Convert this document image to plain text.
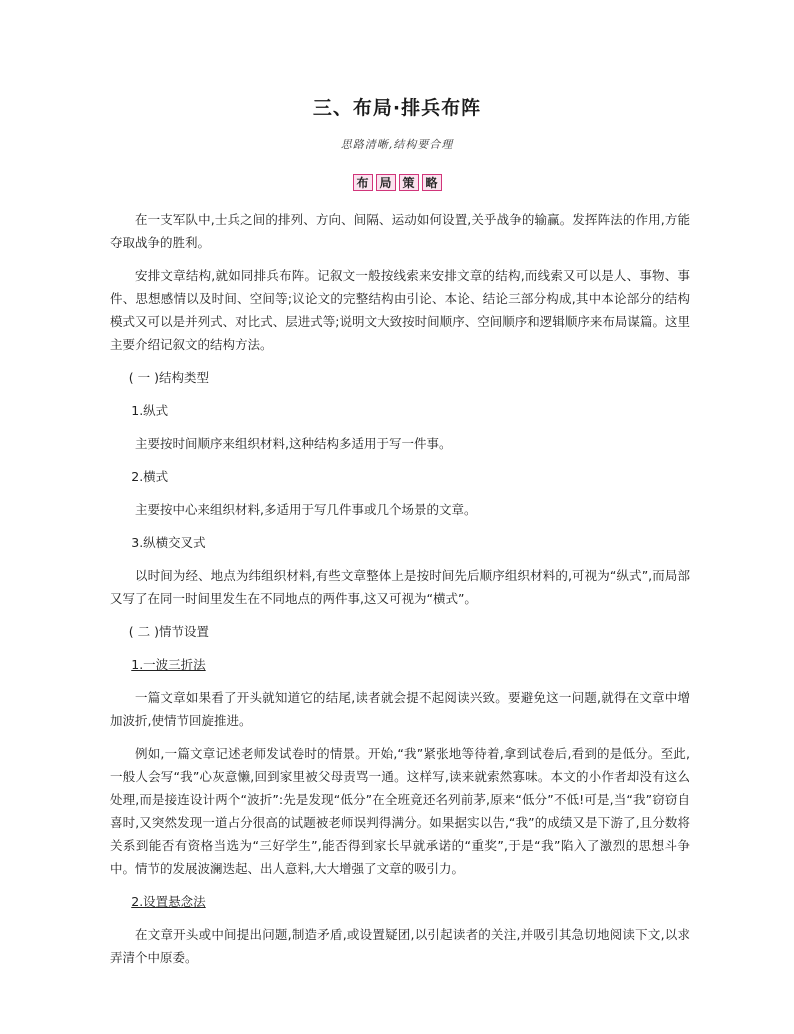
三、布局·排兵布阵
思路清晰,结构要合理
布 局 策 略

在一支军队中,士兵之间的排列、方向、间隔、运动如何设置,关乎战争的输赢。发挥阵法的作用,方能夺取战争的胜利。

安排文章结构,就如同排兵布阵。记叙文一般按线索来安排文章的结构,而线索又可以是人、事物、事件、思想感情以及时间、空间等;议论文的完整结构由引论、本论、结论三部分构成,其中本论部分的结构模式又可以是并列式、对比式、层进式等;说明文大致按时间顺序、空间顺序和逻辑顺序来布局谋篇。这里主要介绍记叙文的结构方法。

( 一 )结构类型
1.纵式

主要按时间顺序来组织材料,这种结构多适用于写一件事。

2.横式

主要按中心来组织材料,多适用于写几件事或几个场景的文章。

3.纵横交叉式

以时间为经、地点为纬组织材料,有些文章整体上是按时间先后顺序组织材料的,可视为“纵式”,而局部又写了在同一时间里发生在不同地点的两件事,这又可视为“横式”。

( 二 )情节设置
1.一波三折法

一篇文章如果看了开头就知道它的结尾,读者就会提不起阅读兴致。要避免这一问题,就得在文章中增加波折,使情节回旋推进。

例如,一篇文章记述老师发试卷时的情景。开始,“我”紧张地等待着,拿到试卷后,看到的是低分。至此,一般人会写“我”心灰意懒,回到家里被父母责骂一通。这样写,读来就索然寡味。本文的小作者却没有这么处理,而是接连设计两个“波折”:先是发现“低分”在全班竟还名列前茅,原来“低分”不低!可是,当“我”窃窃自喜时,又突然发现一道占分很高的试题被老师误判得满分。如果据实以告,“我”的成绩又是下游了,且分数将关系到能否有资格当选为“三好学生”,能否得到家长早就承诺的“重奖”,于是“我”陷入了激烈的思想斗争中。情节的发展波澜迭起、出人意料,大大增强了文章的吸引力。

2.设置悬念法

在文章开头或中间提出问题,制造矛盾,或设置疑团,以引起读者的关注,并吸引其急切地阅读下文,以求弄清个中原委。
